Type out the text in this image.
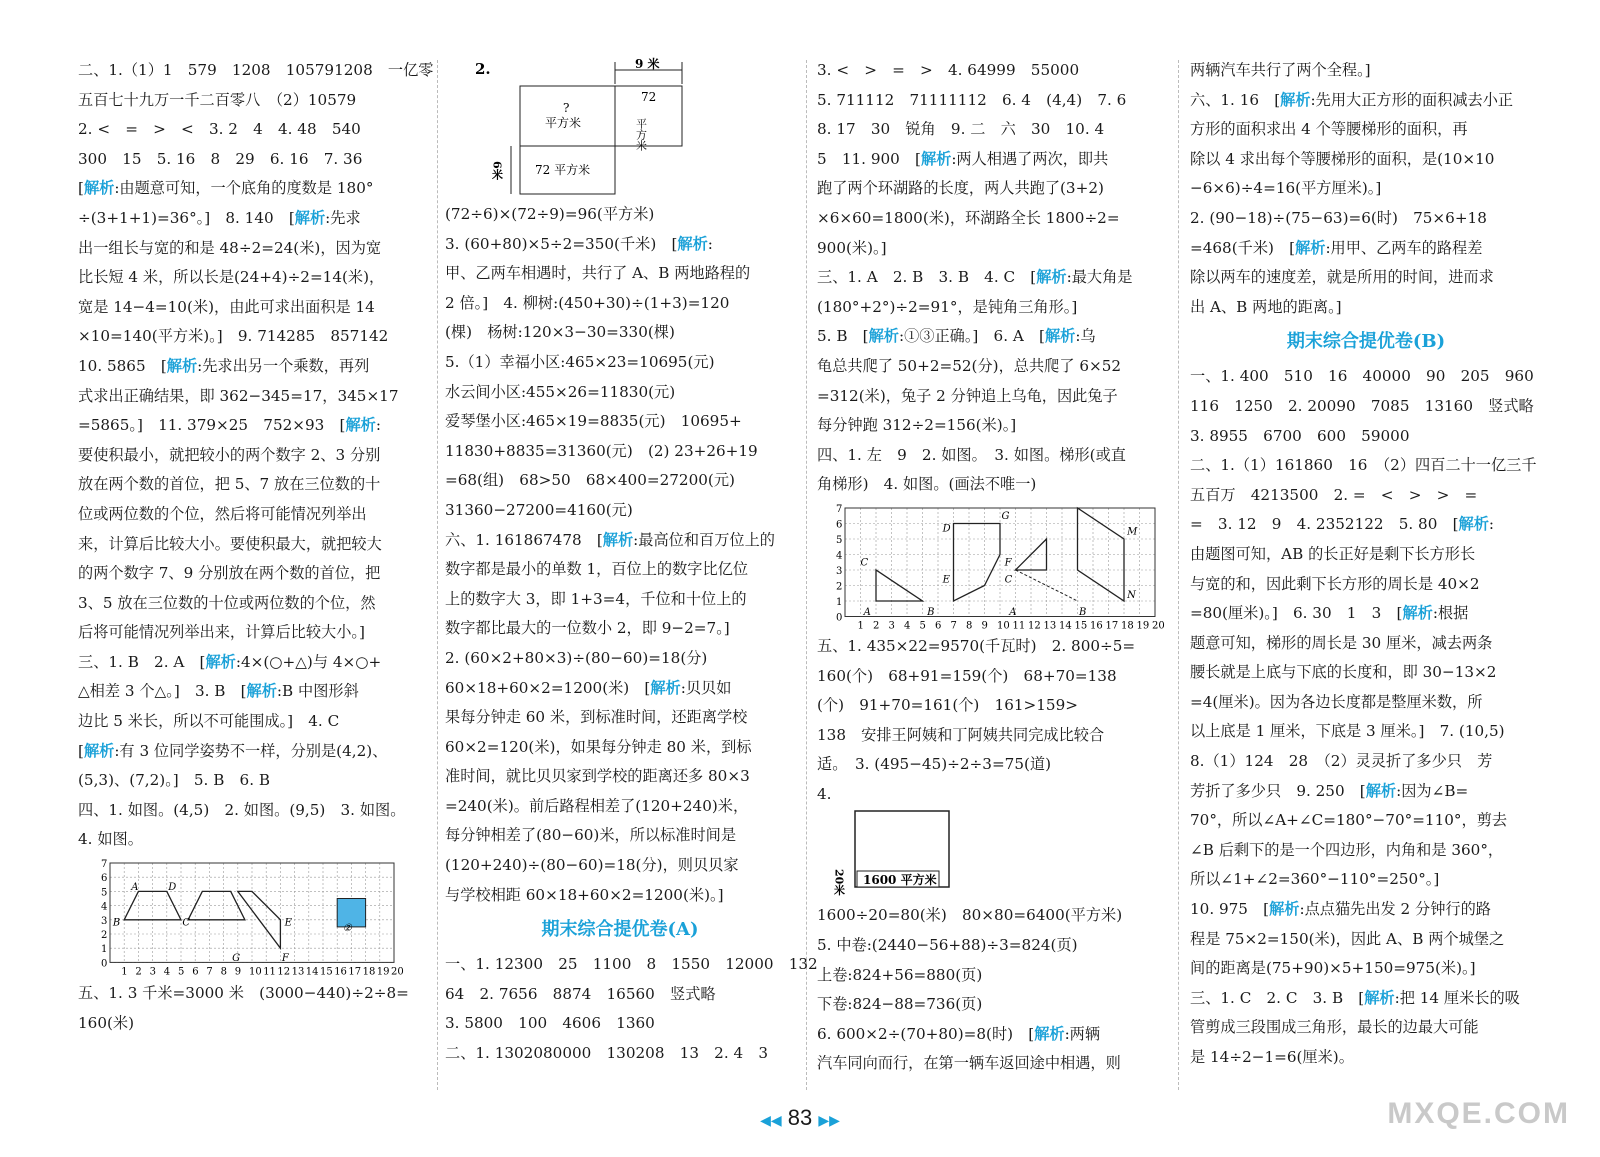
二、1.（1）1　579　1208　105791208　一亿零
五百七十九万一千二百零八　（2）10579
2. <　=　>　<　3. 2　4　4. 48　540
300　15　5. 16　8　29　6. 16　7. 36
[解析:由题意可知，一个底角的度数是 180°
÷(3+1+1)=36°。]　8. 140　[解析:先求
出一组长与宽的和是 48÷2=24(米)，因为宽
比长短 4 米，所以长是(24+4)÷2=14(米)，
宽是 14−4=10(米)，由此可求出面积是 14
×10=140(平方米)。]　9. 714285　857142
10. 5865　[解析:先求出另一个乘数，再列
式求出正确结果，即 362−345=17，345×17
=5865。]　11. 379×25　752×93　[解析:
要使积最小，就把较小的两个数字 2、3 分别
放在两个数的首位，把 5、7 放在三位数的十
位或两位数的个位，然后将可能情况列举出
来，计算后比较大小。要使积最大，就把较大
的两个数字 7、9 分别放在两个数的首位，把
3、5 放在三位数的十位或两位数的个位，然
后将可能情况列举出来，计算后比较大小。]
三、1. B　2. A　[解析:4×(○+△)与 4×○+
△相差 3 个△。]　3. B　[解析:B 中图形斜
边比 5 米长，所以不可能围成。]　4. C
[解析:有 3 位同学姿势不一样，分别是(4,2)、
(5,3)、(7,2)。]　5. B　6. B
四、1. 如图。(4,5)　2. 如图。(9,5)　3. 如图。
4. 如图。
1 2 3 4 5 6 7 8 9 10 11 12 13 14 15 16 17 18 19 20
0
1
2
3
4
5
6
7
A	D
B	C	E
F
G
②
五、1. 3 千米=3000 米　(3000−440)÷2÷8=
160(米)
2.	9 米
?
平方米
72
平方米
72 平方米
6米
(72÷6)×(72÷9)=96(平方米)
3. (60+80)×5÷2=350(千米)　[解析:
甲、乙两车相遇时，共行了 A、B 两地路程的
2 倍。]　4. 柳树:(450+30)÷(1+3)=120
(棵)　杨树:120×3−30=330(棵)
5.（1）幸福小区:465×23=10695(元)
水云间小区:455×26=11830(元)
爱琴堡小区:465×19=8835(元)　10695+
11830+8835=31360(元)　(2) 23+26+19
=68(组)　68>50　68×400=27200(元)
31360−27200=4160(元)
六、1. 161867478　[解析:最高位和百万位上的
数字都是最小的单数 1，百位上的数字比亿位
上的数字大 3，即 1+3=4，千位和十位上的
数字都比最大的一位数小 2，即 9−2=7。]
2. (60×2+80×3)÷(80−60)=18(分)
60×18+60×2=1200(米)　[解析:贝贝如
果每分钟走 60 米，到标准时间，还距离学校
60×2=120(米)，如果每分钟走 80 米，到标
准时间，就比贝贝家到学校的距离还多 80×3
=240(米)。前后路程相差了(120+240)米，
每分钟相差了(80−60)米，所以标准时间是
(120+240)÷(80−60)=18(分)，则贝贝家
与学校相距 60×18+60×2=1200(米)。]
期末综合提优卷(A)
一、1. 12300　25　1100　8　1550　12000　132
64　2. 7656　8874　16560　竖式略
3. 5800　100　4606　1360
二、1. 1302080000　130208　13　2. 4　3
3. <　>　=　>　4. 64999　55000
5. 711112　71111112　6. 4　(4,4)　7. 6
8. 17　30　锐角　9. 二　六　30　10. 4
5　11. 900　[解析:两人相遇了两次，即共
跑了两个环湖路的长度，两人共跑了(3+2)
×6×60=1800(米)，环湖路全长 1800÷2=
900(米)。]
三、1. A　2. B　3. B　4. C　[解析:最大角是
(180°+2°)÷2=91°，是钝角三角形。]
5. B　[解析:①③正确。]　6. A　[解析:乌
龟总共爬了 50+2=52(分)，总共爬了 6×52
=312(米)，兔子 2 分钟追上乌龟，因此兔子
每分钟跑 312÷2=156(米)。]
四、1. 左　9　2. 如图。　3. 如图。梯形(或直
角梯形)　4. 如图。(画法不唯一)
1 2 3 4 5 6 7 8 9 10 11 12 13 14 15 16 17 18 19 20
0
1
2
3
4
5
6
7
D
G
C
E
F
A	B
C
A	B
M
N
五、1. 435×22=9570(千瓦时)　2. 800÷5=
160(个)　68+91=159(个)　68+70=138
(个)　91+70=161(个)　161>159>
138　安排王阿姨和丁阿姨共同完成比较合
适。　3. (495−45)÷2÷3=75(道)
4.
1600 平方米
20米
1600÷20=80(米)　80×80=6400(平方米)
5. 中卷:(2440−56+88)÷3=824(页)
上卷:824+56=880(页)
下卷:824−88=736(页)
6. 600×2÷(70+80)=8(时)　[解析:两辆
汽车同向而行，在第一辆车返回途中相遇，则
两辆汽车共行了两个全程。]
六、1. 16　[解析:先用大正方形的面积减去小正
方形的面积求出 4 个等腰梯形的面积，再
除以 4 求出每个等腰梯形的面积，是(10×10
−6×6)÷4=16(平方厘米)。]
2. (90−18)÷(75−63)=6(时)　75×6+18
=468(千米)　[解析:用甲、乙两车的路程差
除以两车的速度差，就是所用的时间，进而求
出 A、B 两地的距离。]
期末综合提优卷(B)
一、1. 400　510　16　40000　90　205　960
116　1250　2. 20090　7085　13160　竖式略
3. 8955　6700　600　59000
二、1.（1）161860　16　（2）四百二十一亿三千
五百万　4213500　2. =　<　>　>　=
=　3. 12　9　4. 2352122　5. 80　[解析:
由题图可知，AB 的长正好是剩下长方形长
与宽的和，因此剩下长方形的周长是 40×2
=80(厘米)。]　6. 30　1　3　[解析:根据
题意可知，梯形的周长是 30 厘米，减去两条
腰长就是上底与下底的长度和，即 30−13×2
=4(厘米)。因为各边长度都是整厘米数，所
以上底是 1 厘米，下底是 3 厘米。]　7. (10,5)
8.（1）124　28　（2）灵灵折了多少只　芳
芳折了多少只　9. 250　[解析:因为∠B=
70°，所以∠A+∠C=180°−70°=110°，剪去
∠B 后剩下的是一个四边形，内角和是 360°，
所以∠1+∠2=360°−110°=250°。]
10. 975　[解析:点点猫先出发 2 分钟行的路
程是 75×2=150(米)，因此 A、B 两个城堡之
间的距离是(75+90)×5+150=975(米)。]
三、1. C　2. C　3. B　[解析:把 14 厘米长的吸
管剪成三段围成三角形，最长的边最大可能
是 14÷2−1=6(厘米)。
◀◀ 83 ▶▶	MXQE.COM
